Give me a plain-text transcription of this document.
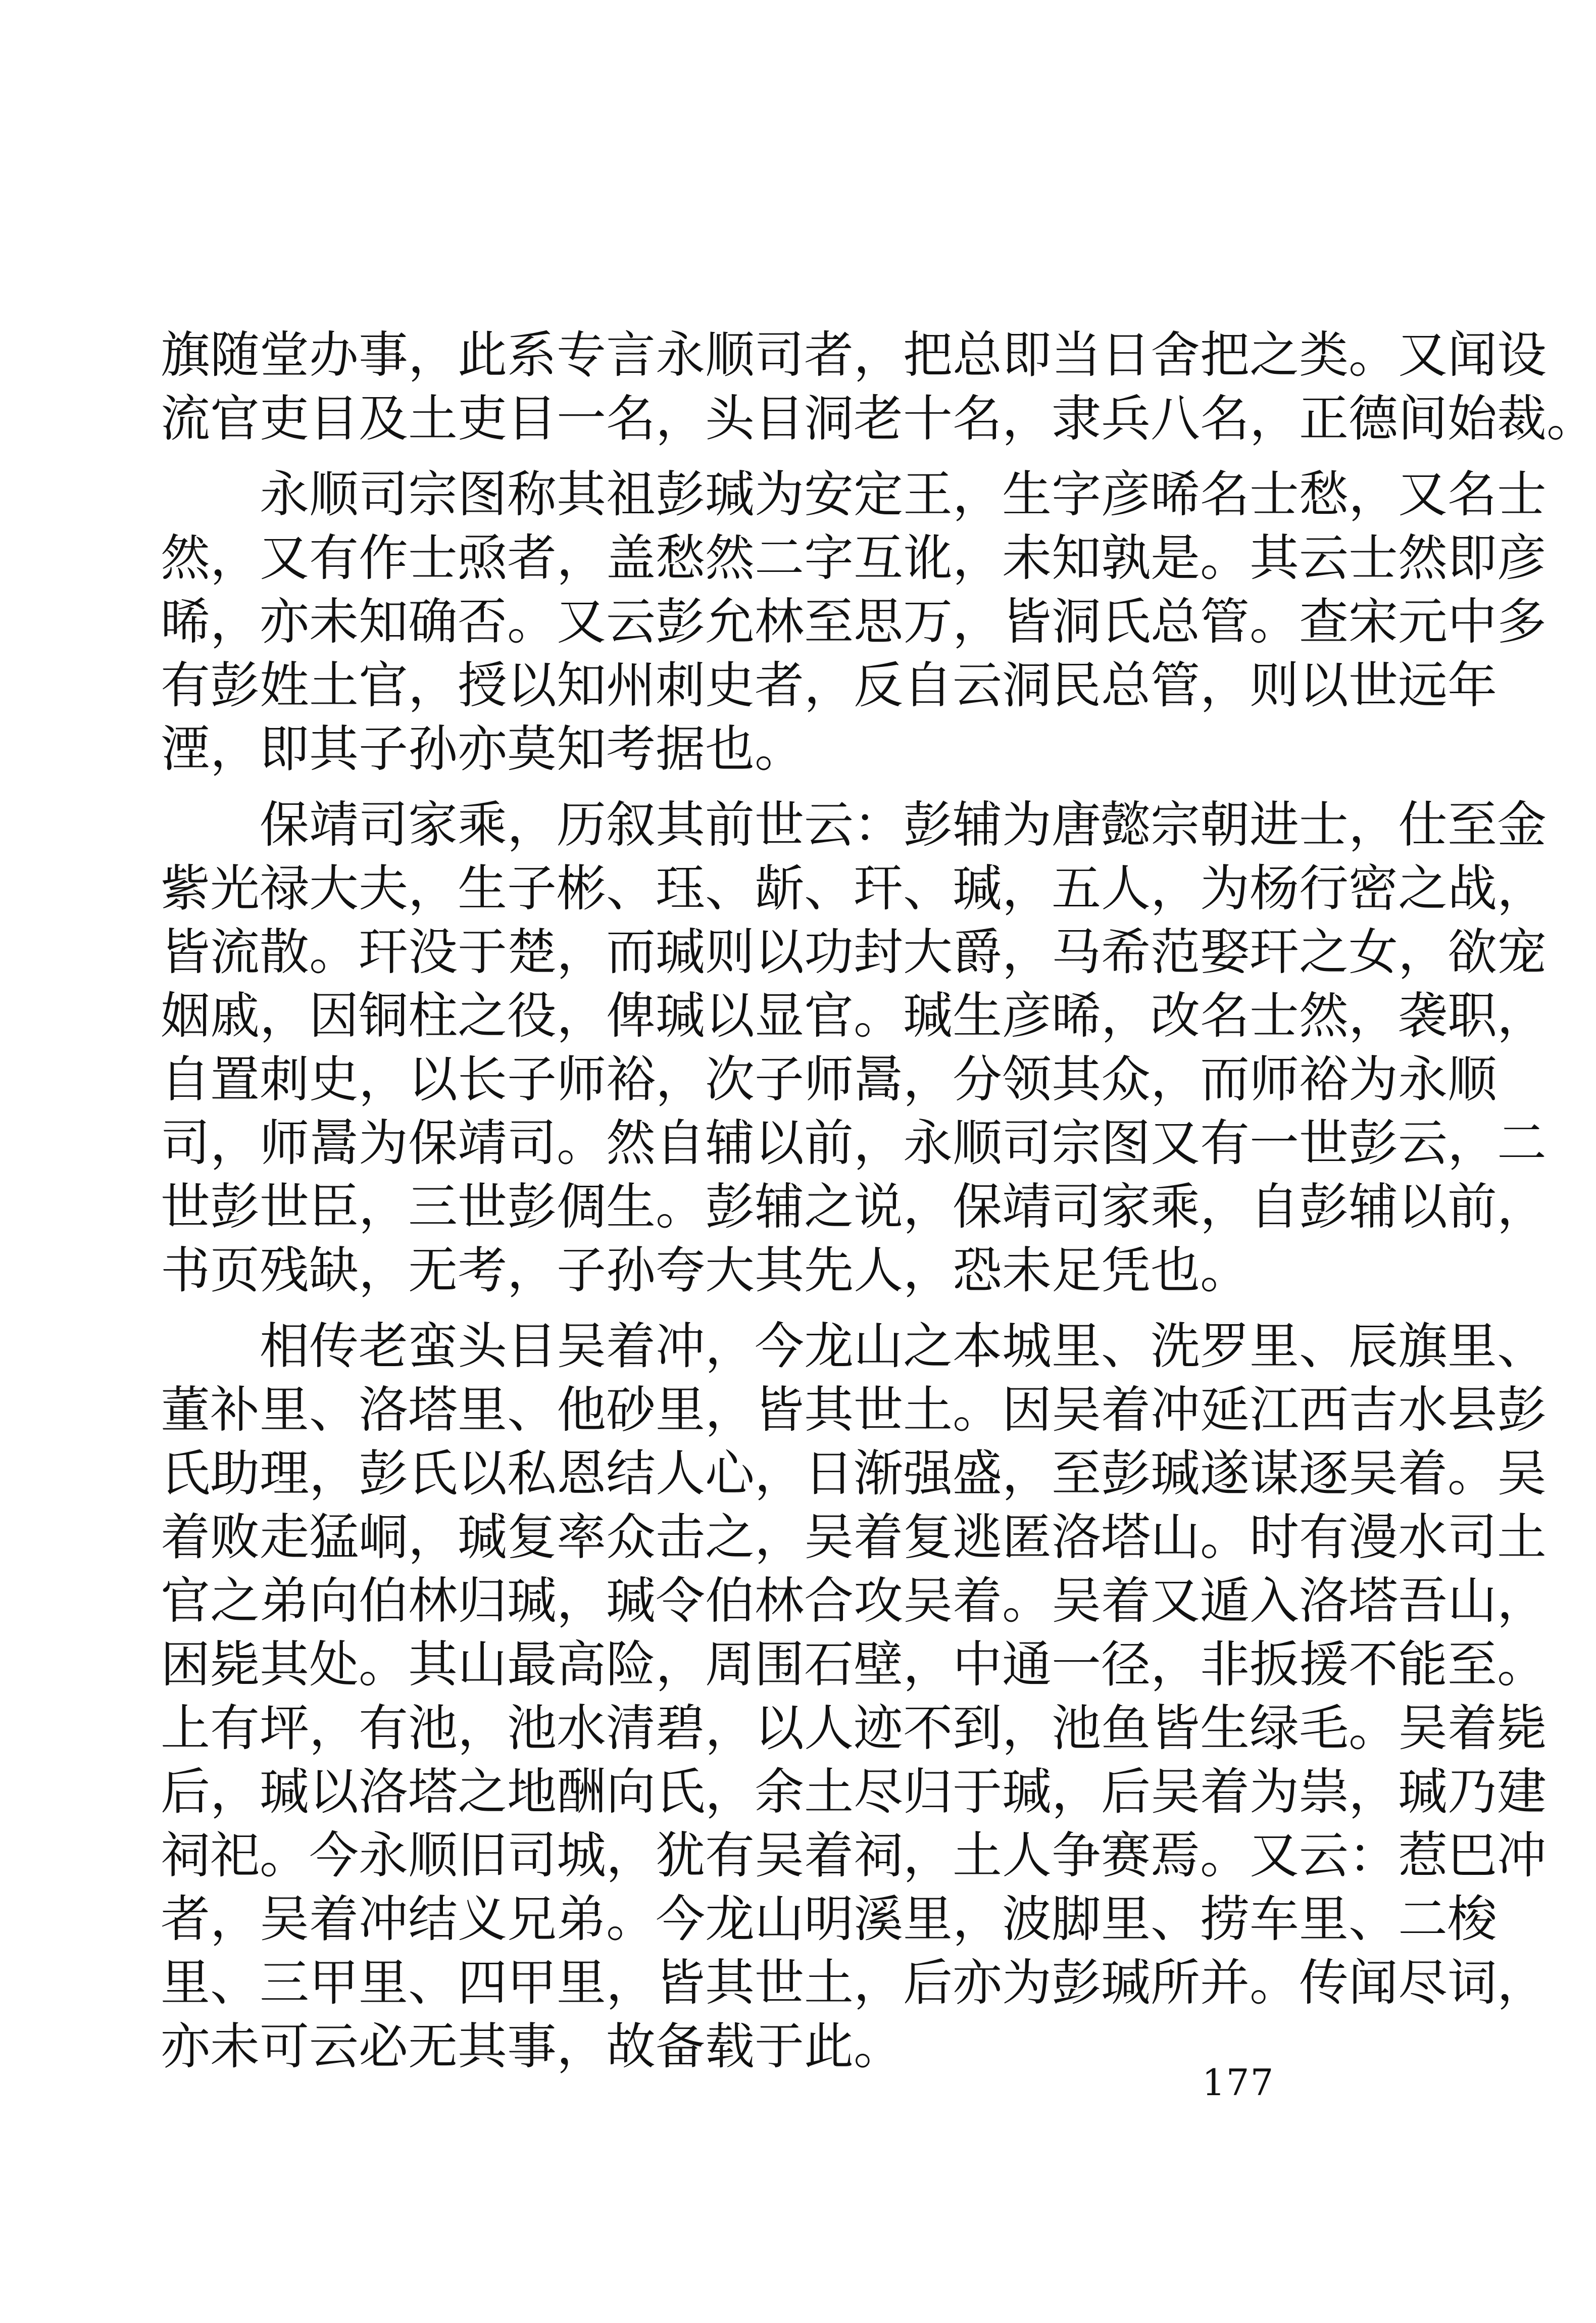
旗随堂办事，此系专言永顺司者，把总即当日舍把之类。又闻设
流官吏目及土吏目一名，头目洞老十名，隶兵八名，正德间始裁。
永顺司宗图称其祖彭瑊为安定王，生字彦晞名士愁，又名士
然，又有作士焏者，盖愁然二字互讹，未知孰是。其云士然即彦
晞，亦未知确否。又云彭允林至思万，皆洞氏总管。查宋元中多
有彭姓土官，授以知州刺史者，反自云洞民总管，则以世远年
湮，即其子孙亦莫知考据也。
保靖司家乘，历叙其前世云：彭辅为唐懿宗朝进士，仕至金
紫光禄大夫，生子彬、珏、龂、玕、瑊，五人，为杨行密之战，
皆流散。玕没于楚，而瑊则以功封大爵，马希范娶玕之女，欲宠
姻戚，因铜柱之役，俾瑊以显官。瑊生彦晞，改名士然，袭职，
自置刺史，以长子师裕，次子师暠，分领其众，而师裕为永顺
司，师暠为保靖司。然自辅以前，永顺司宗图又有一世彭云，二
世彭世臣，三世彭倜生。彭辅之说，保靖司家乘，自彭辅以前，
书页残缺，无考，子孙夸大其先人，恐未足凭也。
相传老蛮头目吴着冲，今龙山之本城里、洗罗里、辰旗里、
董补里、洛塔里、他砂里，皆其世土。因吴着冲延江西吉水县彭
氏助理，彭氏以私恩结人心，日渐强盛，至彭瑊遂谋逐吴着。吴
着败走猛峒，瑊复率众击之，吴着复逃匿洛塔山。时有漫水司土
官之弟向伯林归瑊，瑊令伯林合攻吴着。吴着又遁入洛塔吾山，
困毙其处。其山最高险，周围石壁，中通一径，非扳援不能至。
上有坪，有池，池水清碧，以人迹不到，池鱼皆生绿毛。吴着毙
后，瑊以洛塔之地酬向氏，余土尽归于瑊，后吴着为祟，瑊乃建
祠祀。今永顺旧司城，犹有吴着祠，土人争赛焉。又云：惹巴冲
者，吴着冲结义兄弟。今龙山明溪里，波脚里、捞车里、二梭
里、三甲里、四甲里，皆其世土，后亦为彭瑊所并。传闻尽词，
亦未可云必无其事，故备载于此。
177
